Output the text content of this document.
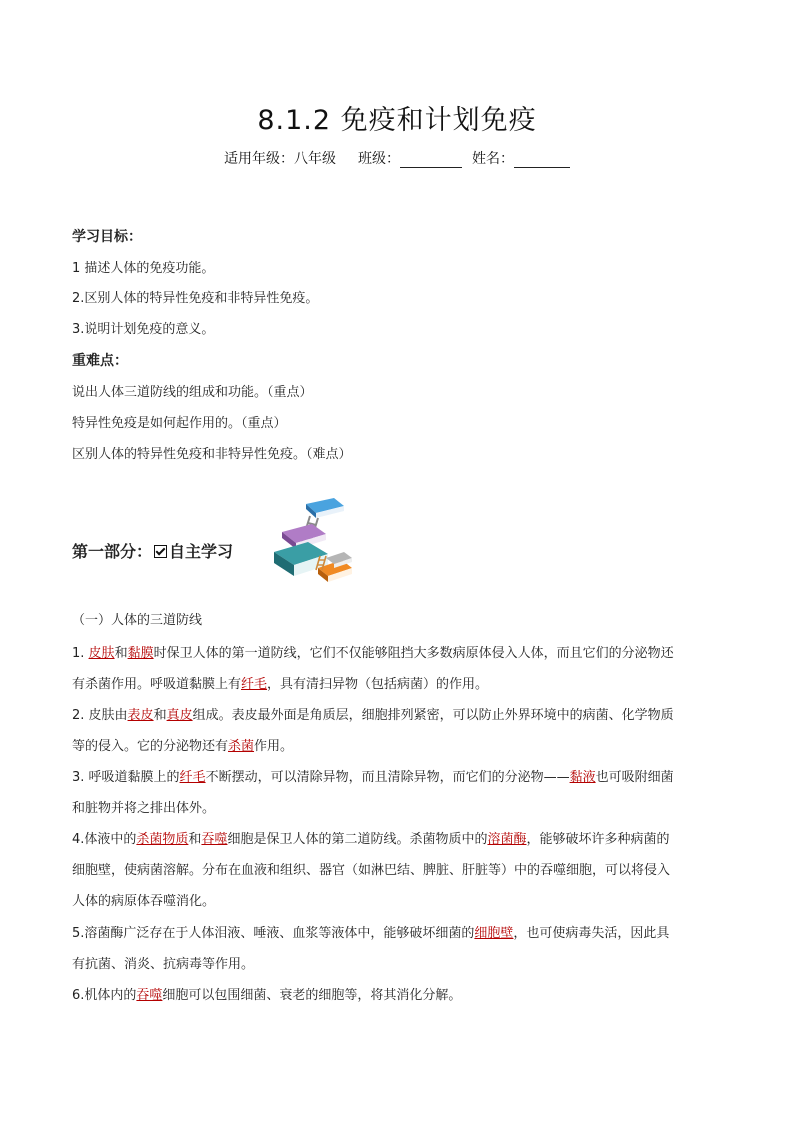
8.1.2 免疫和计划免疫
适用年级：八年级 班级：	姓名：
学习目标：
1 描述人体的免疫功能。
2.区别人体的特异性免疫和非特异性免疫。
3.说明计划免疫的意义。
重难点：
说出人体三道防线的组成和功能。（重点）
特异性免疫是如何起作用的。（重点）
区别人体的特异性免疫和非特异性免疫。（难点）
第一部分： 自主学习
（一）人体的三道防线
1. 皮肤和黏膜时保卫人体的第一道防线，它们不仅能够阻挡大多数病原体侵入人体，而且它们的分泌物还
有杀菌作用。呼吸道黏膜上有纤毛，具有清扫异物（包括病菌）的作用。
2. 皮肤由表皮和真皮组成。表皮最外面是角质层，细胞排列紧密，可以防止外界环境中的病菌、化学物质
等的侵入。它的分泌物还有杀菌作用。
3. 呼吸道黏膜上的纤毛不断摆动，可以清除异物，而且清除异物，而它们的分泌物——黏液也可吸附细菌
和脏物并将之排出体外。
4.体液中的杀菌物质和吞噬细胞是保卫人体的第二道防线。杀菌物质中的溶菌酶，能够破坏许多种病菌的
细胞壁，使病菌溶解。分布在血液和组织、器官（如淋巴结、脾脏、肝脏等）中的吞噬细胞，可以将侵入
人体的病原体吞噬消化。
5.溶菌酶广泛存在于人体泪液、唾液、血浆等液体中，能够破坏细菌的细胞壁，也可使病毒失活，因此具
有抗菌、消炎、抗病毒等作用。
6.机体内的吞噬细胞可以包围细菌、衰老的细胞等，将其消化分解。
